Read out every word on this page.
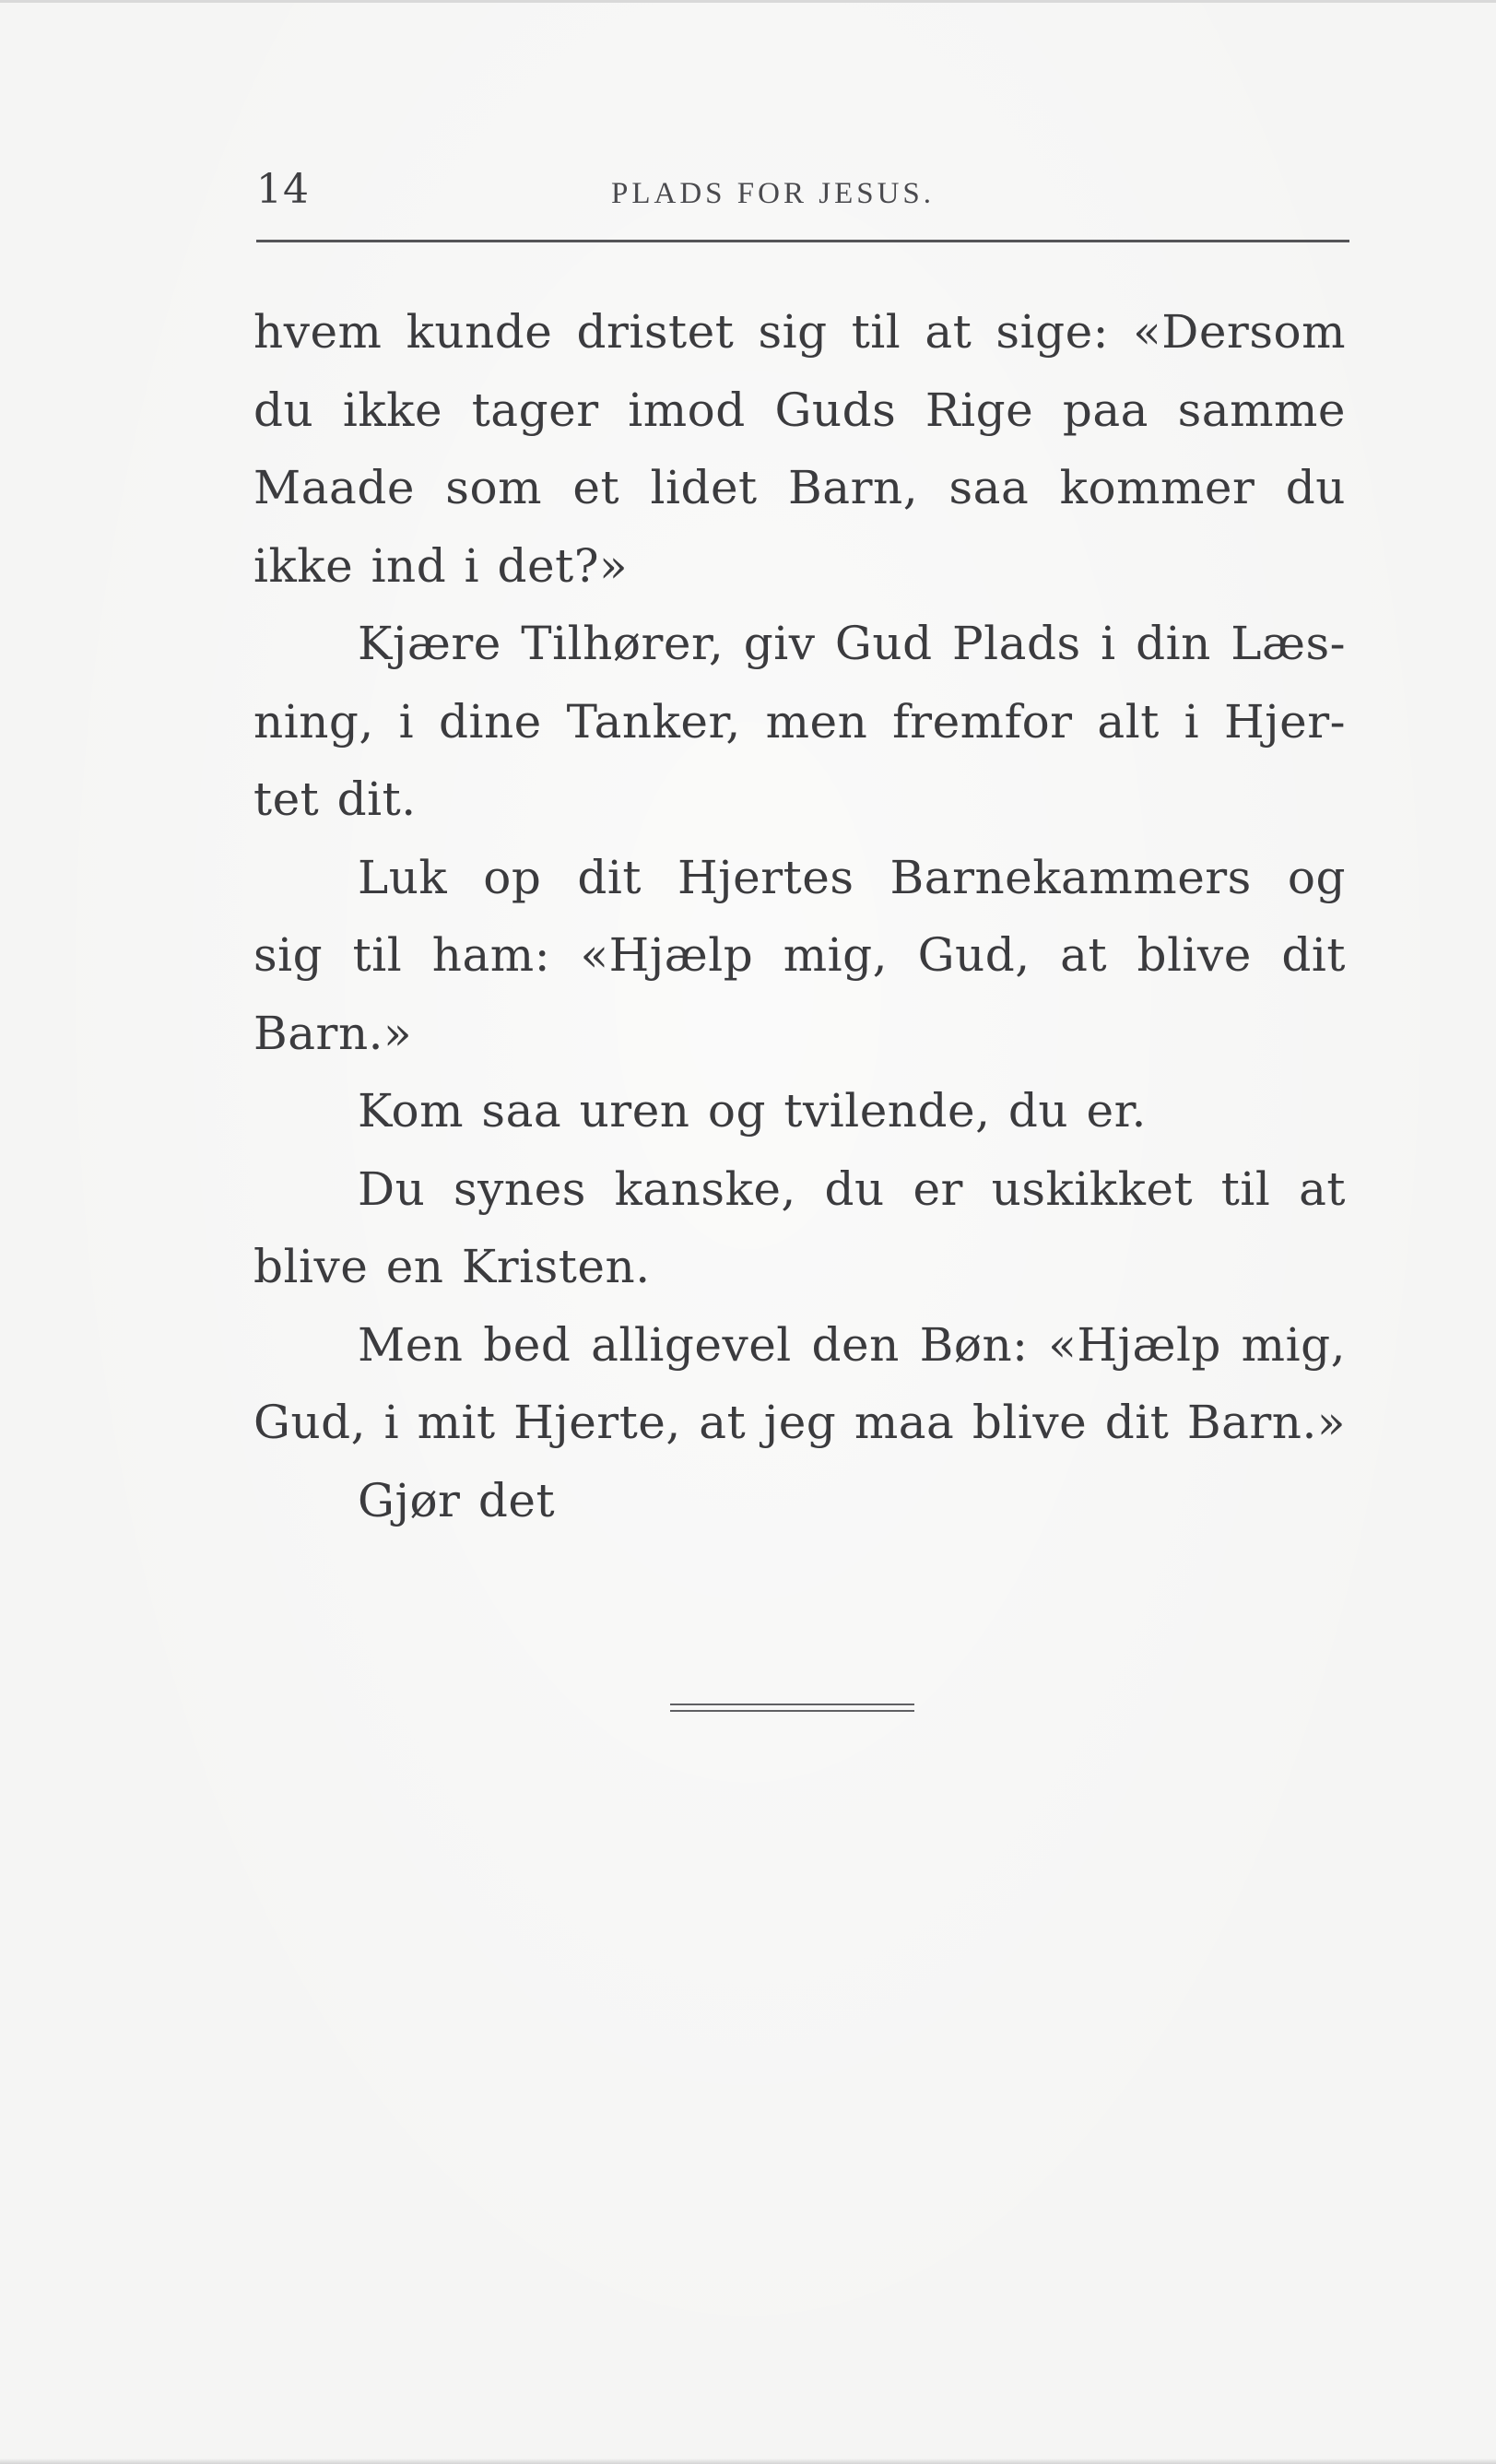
14	PLADS FOR JESUS.
hvem kunde dristet sig til at sige: «Dersom
du ikke tager imod Guds Rige paa samme
Maade som et lidet Barn, saa kommer du
ikke ind i det?»
Kjære Tilhører, giv Gud Plads i din Læs-
ning, i dine Tanker, men fremfor alt i Hjer-
tet dit.
Luk op dit Hjertes Barnekammers og
sig til ham: «Hjælp mig, Gud, at blive dit
Barn.»
Kom saa uren og tvilende, du er.
Du synes kanske, du er uskikket til at
blive en Kristen.
Men bed alligevel den Bøn: «Hjælp mig,
Gud, i mit Hjerte, at jeg maa blive dit Barn.»
Gjør det
